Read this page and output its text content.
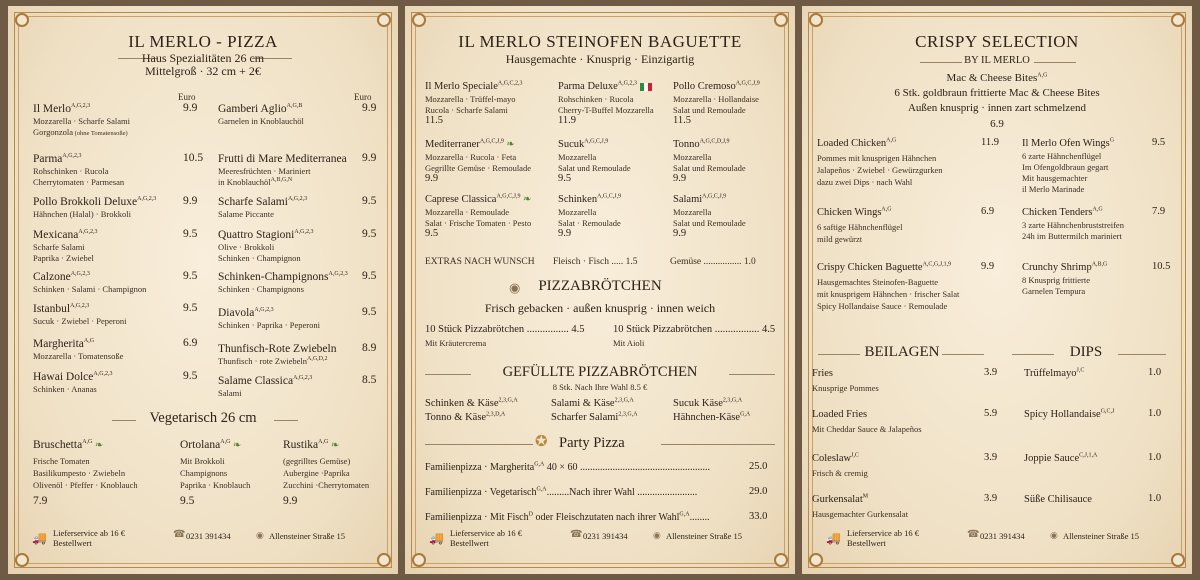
IL MERLO - PIZZA
Haus Spezialitäten 26 cm
Mittelgroß · 32 cm + 2€
Euro	Euro
Il Merlo$^{A,G,2,3}$	9.9
Mozzarella · Scharfe Salami
Gorgonzola (ohne Tomatensoße)
Parma$^{A,G,2,3}$	10.5
Rohschinken · Rucola
Cherrytomaten · Parmesan
Pollo Brokkoli Deluxe$^{A,G,2,3}$ 9.9
Hähnchen (Halal) · Brokkoli
Mexicana$^{A,G,2,3}$	9.5
Scharfe Salami
Paprika · Zwiebel
Calzone$^{A,G,2,3}$	9.5
Schinken · Salami · Champignon
Istanbul$^{A,G,2,3}$	9.5
Sucuk · Zwiebel · Peperoni
Margherita$^{A,G}$	6.9
Mozzarella · Tomatensoße
Hawai Dolce$^{A,G,2,3}$	9.5
Schinken · Ananas
Gamberi Aglio$^{A,G,B}$	9.9
Garnelen in Knoblauchöl
Frutti di Mare Mediterranea 9.9
Meeresfrüchten · Mariniert
in Knoblauchöl$^{A,B,G,N}$
Scharfe Salami$^{A,G,2,3}$	9.5
Salame Piccante
Quattro Stagioni$^{A,G,2,3}$	9.5
Olive · Brokkoli
Schinken · Champignon
Schinken-Champignons$^{A,G,2,3}$ 9.5
Schinken · Champignons
Diavola$^{A,G,2,3}$	9.5
Schinken · Paprika · Peperoni
Thunfisch-Rote Zwiebeln 8.9
Thunfisch · rote Zwiebeln$^{A,G,D,2}$
Salame Classica$^{A,G,2,3}$	8.5
Salami
Vegetarisch 26 cm
Bruschetta$^{A,G}$ ❧
Frische Tomaten
Basilikumpesto · Zwiebeln
Olivenöl · Pfeffer · Knoblauch
7.9
Ortolana$^{A,G}$ ❧
Mit Brokkoli
Champignons
Paprika · Knoblauch
9.5
Rustika$^{A,G}$ ❧
(gegrilltes Gemüse)
Aubergine ·Paprika
Zucchini ·Cherrytomaten
9.9
🚚 Lieferservice ab 16 €
Bestellwert
☎ 0231 391434	◉ Allensteiner Straße 15
IL MERLO STEINOFEN BAGUETTE
Hausgemachte · Knusprig · Einzigartig
Il Merlo Speciale$^{A,G,C,2,3}$
Mozzarella · Trüffel-mayo
Rucola · Scharfe Salami
11.5
Parma Deluxe$^{A,G,2,3}$
Rohschinken · Rucola
Cherry-T-Buffel Mozzarella
11.9
Pollo Cremoso$^{A,G,C,J,9}$
Mozzarella · Hollandaise
Salat und Remoulade
11.5
Mediterraner$^{A,G,C,J,9}$ ❧
Mozzarella · Rucola · Feta
Gegrillte Gemüse · Remoulade
9.9
Sucuk$^{A,G,C,J,9}$
Mozzarella
Salat und Remoulade
9.5
Tonno$^{A,G,C,D,J,9}$
Mozzarella
Salat und Remoulade
9.9
Caprese Classica$^{A,G,C,J,9}$ ❧
Mozzarella · Remoulade
Salat · Frische Tomaten · Pesto
9.5
Schinken$^{A,G,C,J,9}$
Mozzarella
Salat · Remoulade
9.9
Salami$^{A,G,C,J,9}$
Mozzarella
Salat und Remoulade
9.9
EXTRAS NACH WUNSCH Fleisch · Fisch ..... 1.5	Gemüse ................ 1.0
◉	PIZZABRÖTCHEN
Frisch gebacken · außen knusprig · innen weich
10 Stück Pizzabrötchen ................ 4.5
Mit Kräutercrema
10 Stück Pizzabrötchen ................. 4.5
Mit Aioli
GEFÜLLTE PIZZABRÖTCHEN
8 Stk. Nach Ihre Wahl 8.5 €
Schinken & Käse$^{2,3,G,A}$	Salami & Käse$^{2,3,G,A}$	Sucuk Käse$^{2,3,G,A}$
Tonno & Käse$^{2,3,D,A}$	Scharfer Salami$^{2,3,G,A}$	Hähnchen-Käse$^{G,A}$
✪ Party Pizza
Familienpizza · Margherita$^{G,A}$ 40 × 60 ....................................................	25.0
Familienpizza · Vegetarisch$^{G,A}$.........Nach ihrer Wahl ........................	29.0
Familienpizza · Mit Fisch$^D$ oder Fleischzutaten nach ihrer Wahl$^{G,A}$........	33.0
🚚 Lieferservice ab 16 €
Bestellwert
☎ 0231 391434	◉ Allensteiner Straße 15
CRISPY SELECTION
BY IL MERLO
Mac & Cheese Bites$^{A,G}$
6 Stk. goldbraun frittierte Mac & Cheese Bites
Außen knusprig · innen zart schmelzend
6.9
Loaded Chicken$^{A,G}$	11.9
Pommes mit knusprigen Hähnchen
Jalapeños · Zwiebel · Gewürzgurken
dazu zwei Dips · nach Wahl
Chicken Wings$^{A,G}$	6.9
6 saftige Hähnchenflügel
mild gewürzt
Crispy Chicken Baguette$^{A,C,G,J,1,9}$	9.9
Hausgemachtes Steinofen-Baguette
mit knusprigem Hähnchen · frischer Salat
Spicy Hollandaise Sauce · Remoulade
Il Merlo Ofen Wings$^G$	9.5
6 zarte Hähnchenflügel
Im Ofengoldbraun gegart
Mit hausgemachter
il Merlo Marinade
Chicken Tenders$^{A,G}$	7.9
3 zarte Hähnchenbruststreifen
24h im Buttermilch mariniert
Crunchy Shrimp$^{A,B,G}$	10.5
8 Knusprig frittierte
Garnelen Tempura
BEILAGEN	DIPS
Fries	3.9
Knusprige Pommes
Loaded Fries	5.9
Mit Cheddar Sauce & Jalapeños
Coleslaw$^{J,C}$	3.9
Frisch & cremig
Gurkensalat$^M$	3.9
Hausgemachter Gurkensalat
Trüffelmayo$^{J,C}$	1.0
Spicy Hollandaise$^{G,C,J}$	1.0
Joppie Sauce$^{C,J,1,A}$	1.0
Süße Chilisauce	1.0
🚚 Lieferservice ab 16 €
Bestellwert
☎ 0231 391434	◉ Allensteiner Straße 15
